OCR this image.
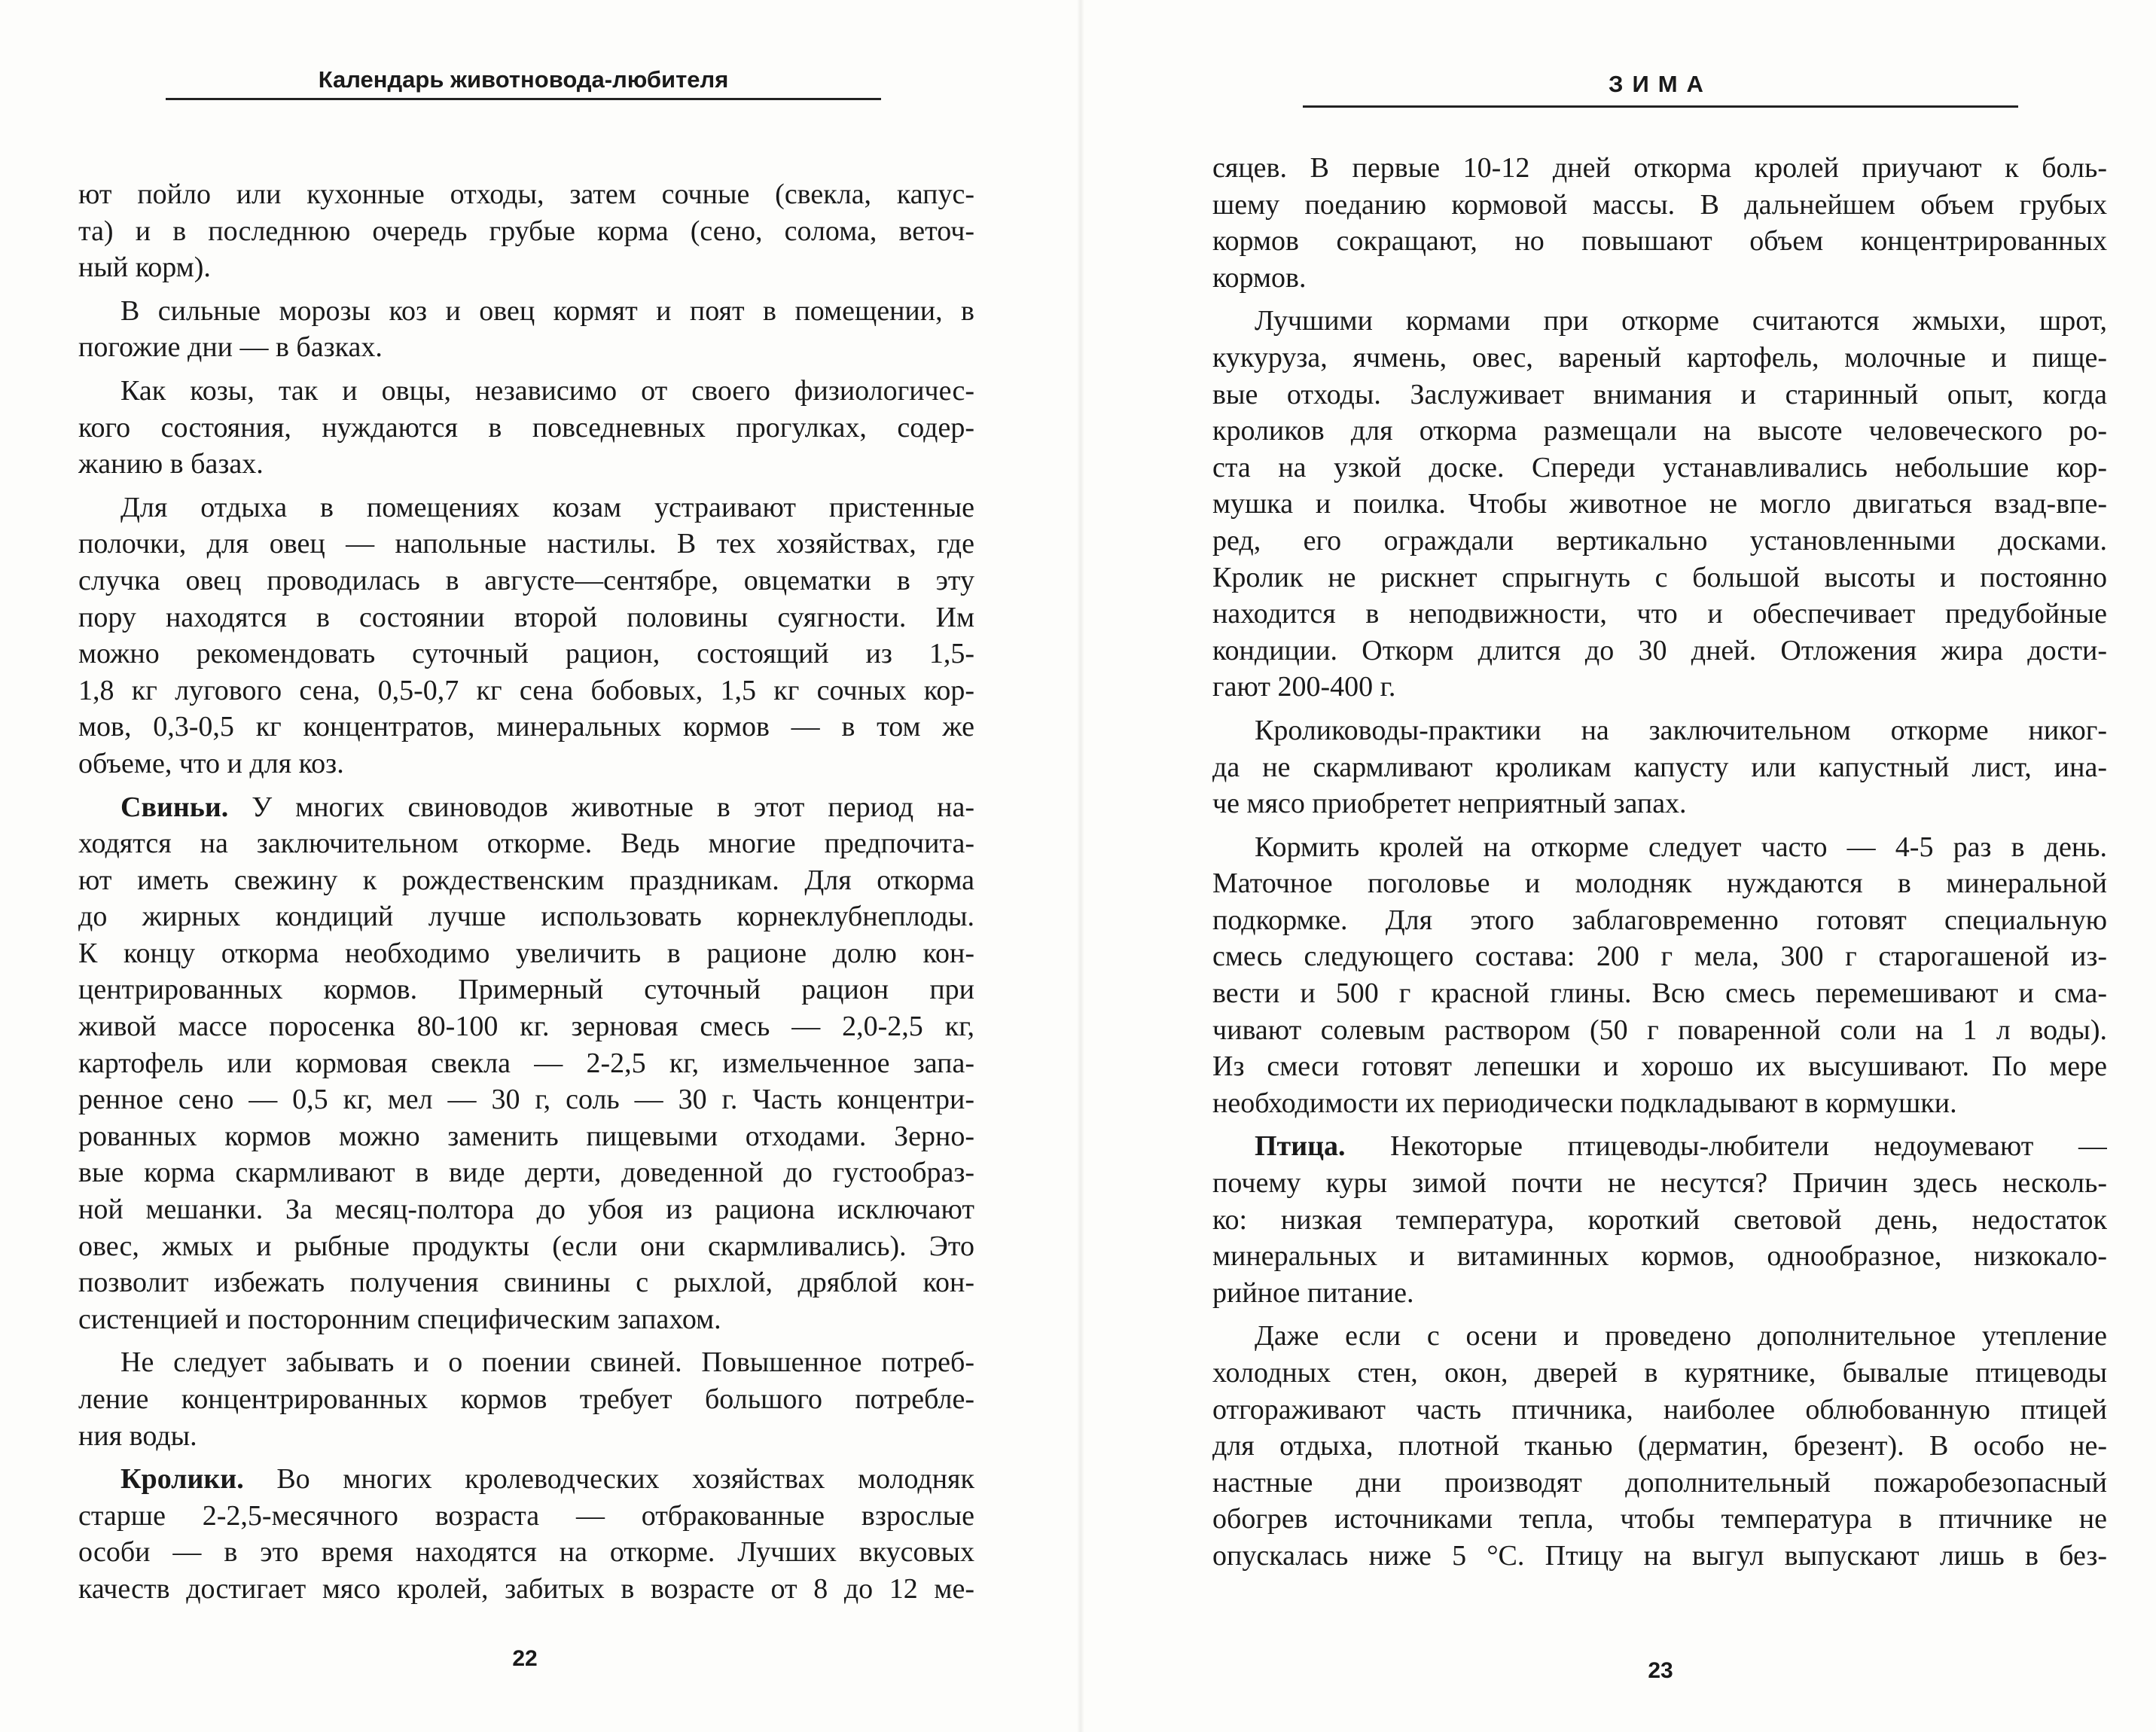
Календарь животновода-любителя
ют пойло или кухонные отходы, затем сочные (свекла, капус-
та) и в последнюю очередь грубые корма (сено, солома, веточ-
ный корм).
В сильные морозы коз и овец кормят и поят в помещении, в
погожие дни — в базках.
Как козы, так и овцы, независимо от своего физиологичес-
кого состояния, нуждаются в повседневных прогулках, содер-
жанию в базах.
Для отдыха в помещениях козам устраивают пристенные
полочки, для овец — напольные настилы. В тех хозяйствах, где
случка овец проводилась в августе—сентябре, овцематки в эту
пору находятся в состоянии второй половины суягности. Им
можно рекомендовать суточный рацион, состоящий из 1,5-
1,8 кг лугового сена, 0,5-0,7 кг сена бобовых, 1,5 кг сочных кор-
мов, 0,3-0,5 кг концентратов, минеральных кормов — в том же
объеме, что и для коз.
Свиньи. У многих свиноводов животные в этот период на-
ходятся на заключительном откорме. Ведь многие предпочита-
ют иметь свежину к рождественским праздникам. Для откорма
до жирных кондиций лучше использовать корнеклубнеплоды.
К концу откорма необходимо увеличить в рационе долю кон-
центрированных кормов. Примерный суточный рацион при
живой массе поросенка 80-100 кг. зерновая смесь — 2,0-2,5 кг,
картофель или кормовая свекла — 2-2,5 кг, измельченное запа-
ренное сено — 0,5 кг, мел — 30 г, соль — 30 г. Часть концентри-
рованных кормов можно заменить пищевыми отходами. Зерно-
вые корма скармливают в виде дерти, доведенной до густообраз-
ной мешанки. За месяц-полтора до убоя из рациона исключают
овес, жмых и рыбные продукты (если они скармливались). Это
позволит избежать получения свинины с рыхлой, дряблой кон-
систенцией и посторонним специфическим запахом.
Не следует забывать и о поении свиней. Повышенное потреб-
ление концентрированных кормов требует большого потребле-
ния воды.
Кролики. Во многих кролеводческих хозяйствах молодняк
старше 2-2,5-месячного возраста — отбракованные взрослые
особи — в это время находятся на откорме. Лучших вкусовых
качеств достигает мясо кролей, забитых в возрасте от 8 до 12 ме-
22
ЗИМА
сяцев. В первые 10-12 дней откорма кролей приучают к боль-
шему поеданию кормовой массы. В дальнейшем объем грубых
кормов сокращают, но повышают объем концентрированных
кормов.
Лучшими кормами при откорме считаются жмыхи, шрот,
кукуруза, ячмень, овес, вареный картофель, молочные и пище-
вые отходы. Заслуживает внимания и старинный опыт, когда
кроликов для откорма размещали на высоте человеческого ро-
ста на узкой доске. Спереди устанавливались небольшие кор-
мушка и поилка. Чтобы животное не могло двигаться взад-впе-
ред, его ограждали вертикально установленными досками.
Кролик не рискнет спрыгнуть с большой высоты и постоянно
находится в неподвижности, что и обеспечивает предубойные
кондиции. Откорм длится до 30 дней. Отложения жира дости-
гают 200-400 г.
Кролиководы-практики на заключительном откорме никог-
да не скармливают кроликам капусту или капустный лист, ина-
че мясо приобретет неприятный запах.
Кормить кролей на откорме следует часто — 4-5 раз в день.
Маточное поголовье и молодняк нуждаются в минеральной
подкормке. Для этого заблаговременно готовят специальную
смесь следующего состава: 200 г мела, 300 г старогашеной из-
вести и 500 г красной глины. Всю смесь перемешивают и сма-
чивают солевым раствором (50 г поваренной соли на 1 л воды).
Из смеси готовят лепешки и хорошо их высушивают. По мере
необходимости их периодически подкладывают в кормушки.
Птица. Некоторые птицеводы-любители недоумевают —
почему куры зимой почти не несутся? Причин здесь несколь-
ко: низкая температура, короткий световой день, недостаток
минеральных и витаминных кормов, однообразное, низкокало-
рийное питание.
Даже если с осени и проведено дополнительное утепление
холодных стен, окон, дверей в курятнике, бывалые птицеводы
отгораживают часть птичника, наиболее облюбованную птицей
для отдыха, плотной тканью (дерматин, брезент). В особо не-
настные дни производят дополнительный пожаробезопасный
обогрев источниками тепла, чтобы температура в птичнике не
опускалась ниже 5 °С. Птицу на выгул выпускают лишь в без-
23
